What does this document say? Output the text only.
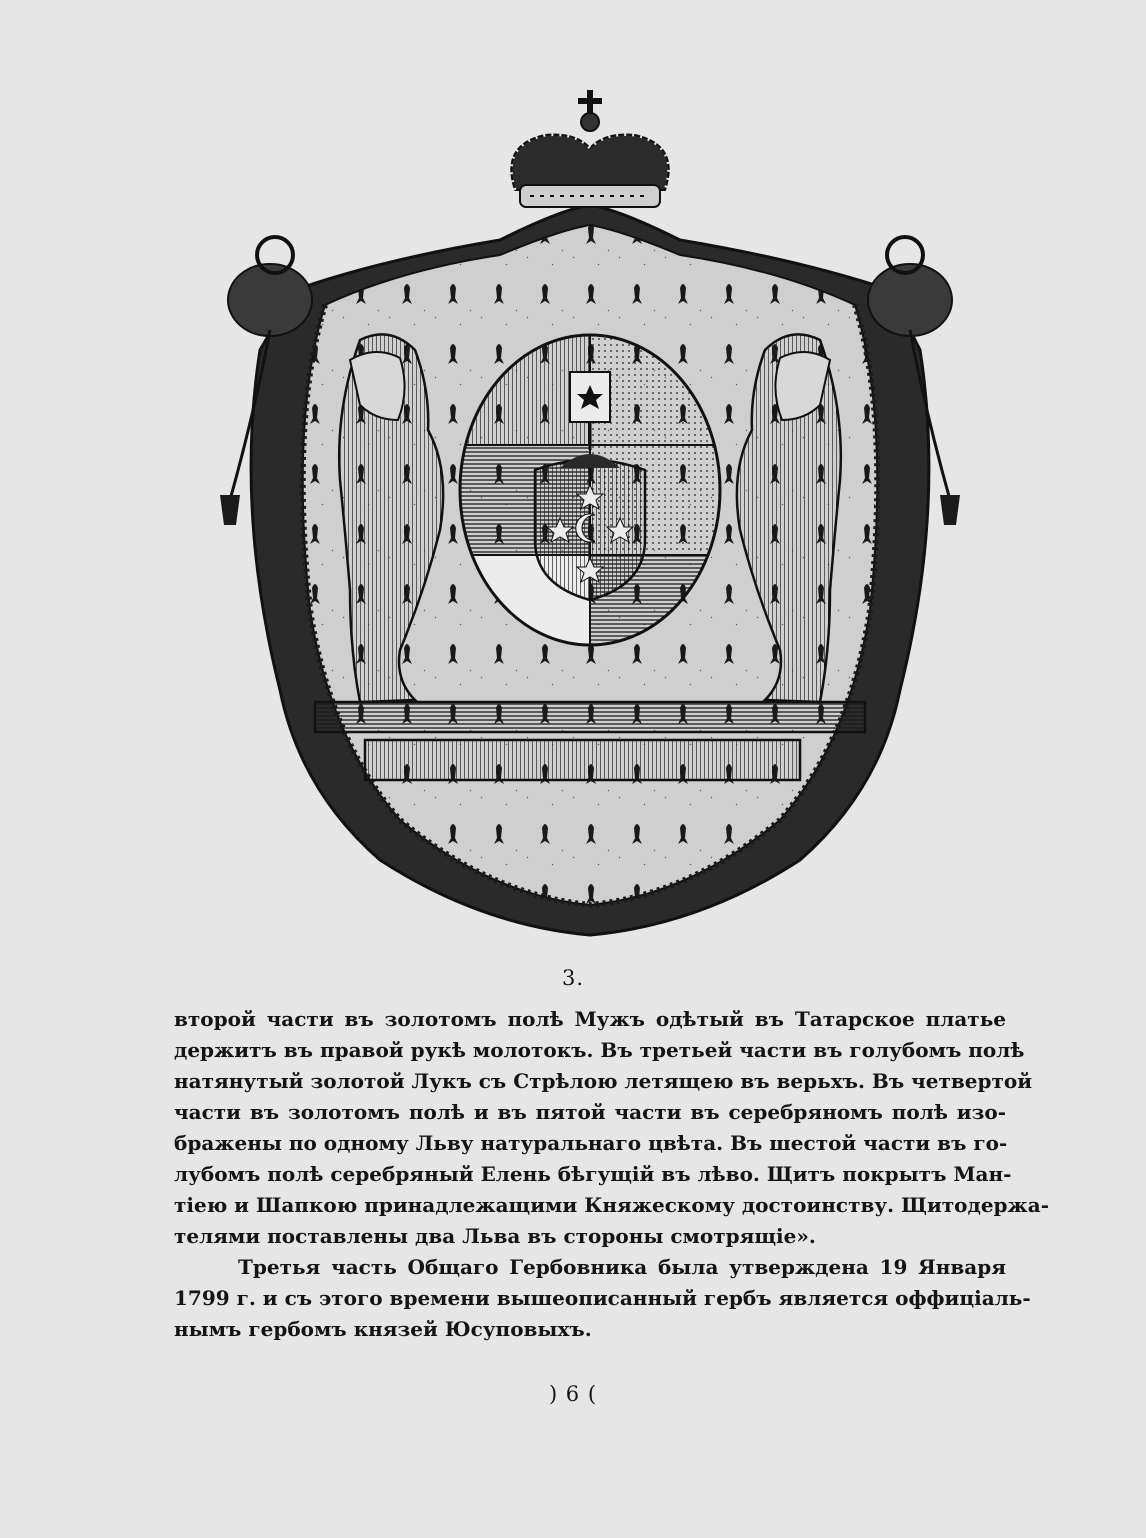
3.
второй части въ золотомъ полѣ Мужъ одѣтый въ Татарское платье
держитъ въ правой рукѣ молотокъ. Въ третьей части въ голубомъ полѣ
натянутый золотой Лукъ съ Стрѣлою летящею въ верьхъ. Въ четвертой
части въ золотомъ полѣ и въ пятой части въ серебряномъ полѣ изо-
бражены по одному Льву натуральнаго цвѣта. Въ шестой части въ го-
лубомъ полѣ серебряный Елень бѣгущій въ лѣво. Щитъ покрытъ Ман-
тіею и Шапкою принадлежащими Княжескому достоинству. Щитодержа-
телями поставлены два Льва въ стороны смотрящіе».
Третья часть Общаго Гербовника была утверждена 19 Января
1799 г. и съ этого времени вышеописанный гербъ является оффиціаль-
нымъ гербомъ князей Юсуповыхъ.
) 6 (
